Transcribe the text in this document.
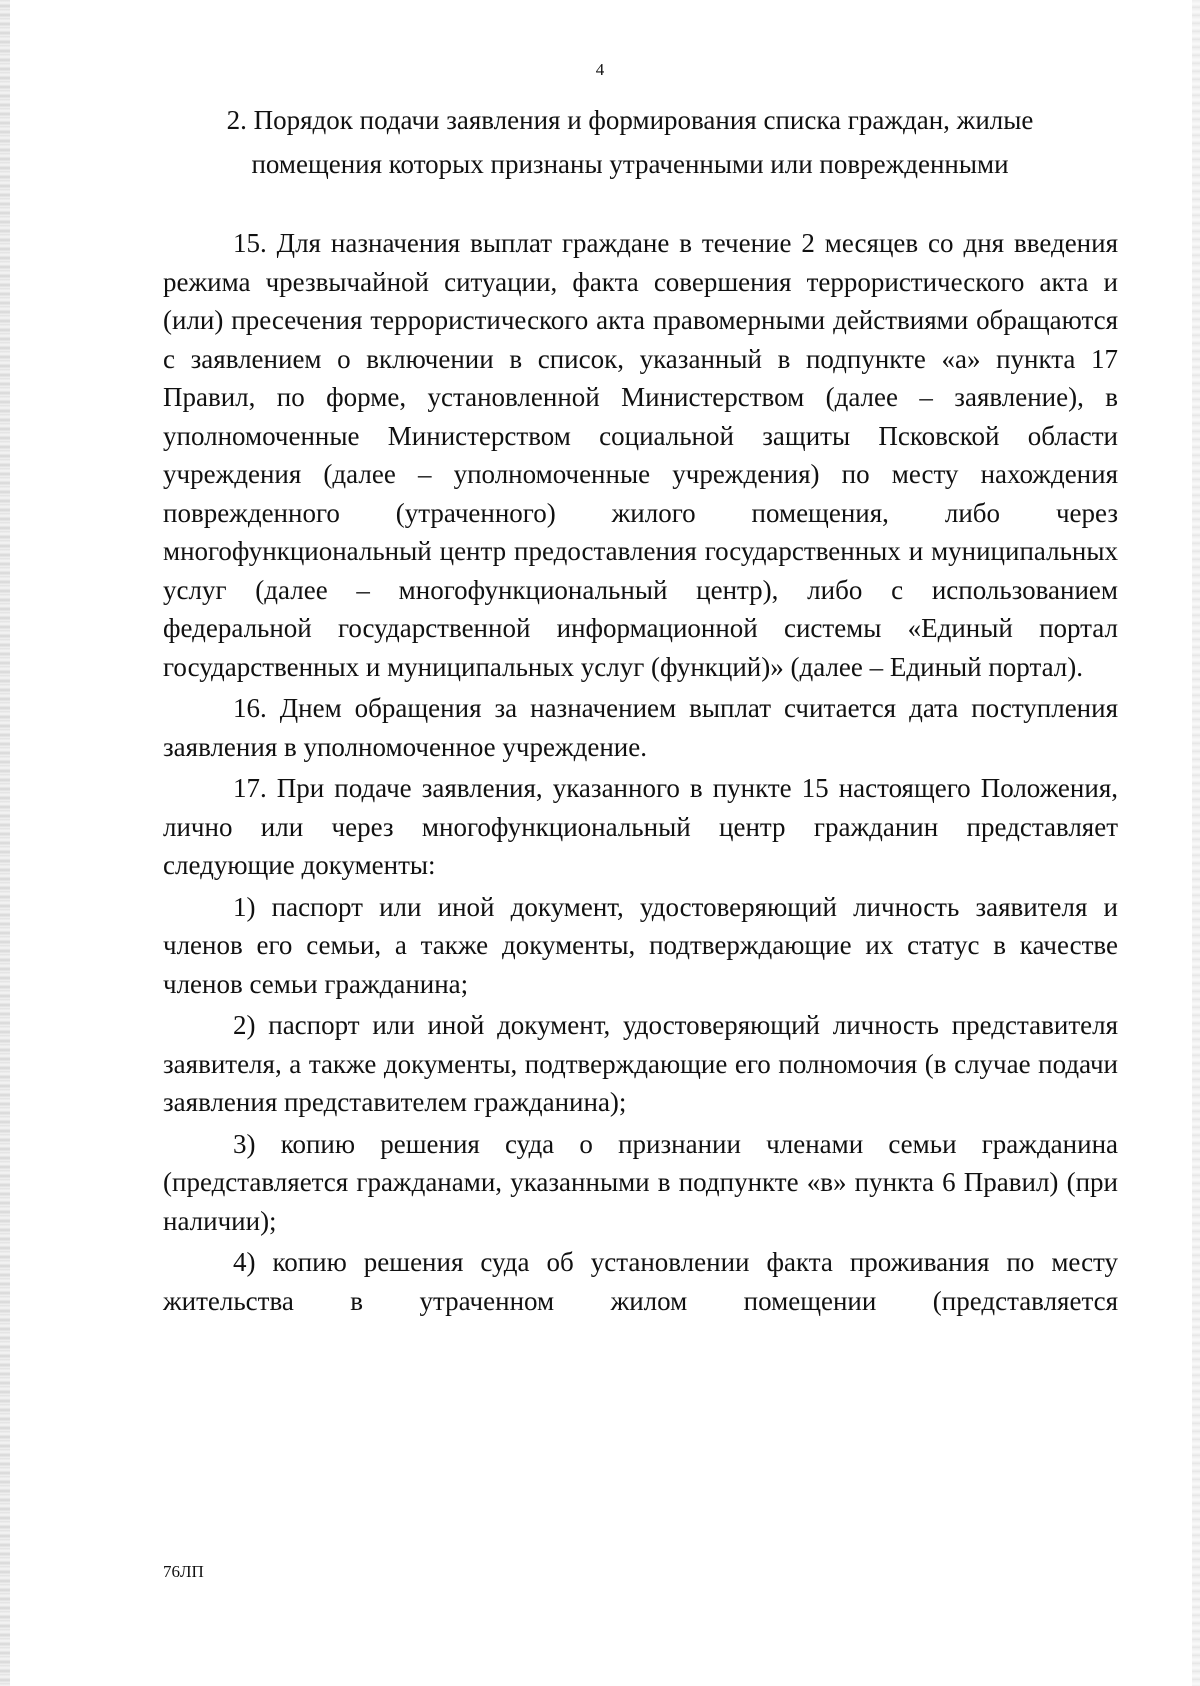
4
2. Порядок подачи заявления и формирования списка граждан, жилые
помещения которых признаны утраченными или поврежденными

15. Для назначения выплат граждане в течение 2 месяцев со дня введения режима чрезвычайной ситуации, факта совершения террористического акта и (или) пресечения террористического акта правомерными действиями обращаются с заявлением о включении в список, указанный в подпункте «а» пункта 17 Правил, по форме, установленной Министерством (далее – заявление), в уполномоченные Министерством социальной защиты Псковской области учреждения (далее – уполномоченные учреждения) по месту нахождения поврежденного (утраченного) жилого помещения, либо через многофункциональный центр предоставления государственных и муниципальных услуг (далее – многофункциональный центр), либо с использованием федеральной государственной информационной системы «Единый портал государственных и муниципальных услуг (функций)» (далее – Единый портал).

16. Днем обращения за назначением выплат считается дата поступления заявления в уполномоченное учреждение.

17. При подаче заявления, указанного в пункте 15 настоящего Положения, лично или через многофункциональный центр гражданин представляет следующие документы:

1) паспорт или иной документ, удостоверяющий личность заявителя и членов его семьи, а также документы, подтверждающие их статус в качестве членов семьи гражданина;

2) паспорт или иной документ, удостоверяющий личность представителя заявителя, а также документы, подтверждающие его полномочия (в случае подачи заявления представителем гражданина);

3) копию решения суда о признании членами семьи гражданина (представляется гражданами, указанными в подпункте «в» пункта 6 Правил) (при наличии);

4) копию решения суда об установлении факта проживания по месту жительства в утраченном жилом помещении (представляется

76ЛП
